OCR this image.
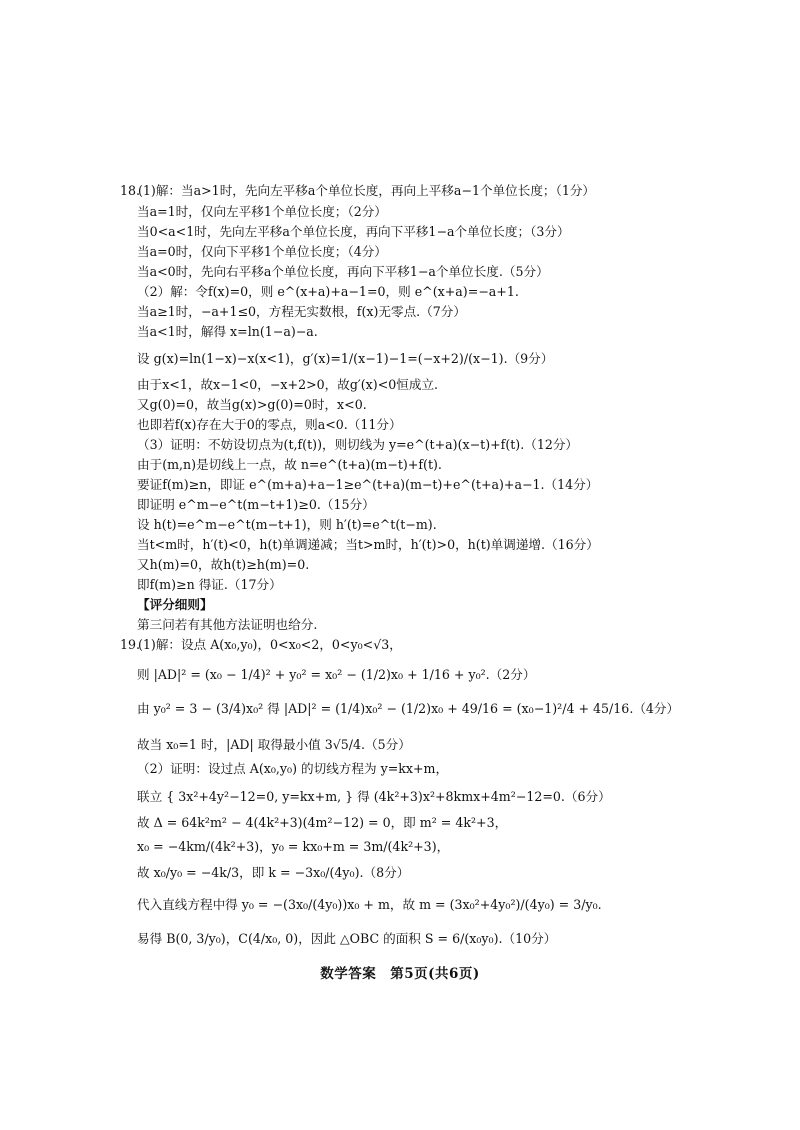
18.
(1)解：当a>1时，先向左平移a个单位长度，再向上平移a−1个单位长度；（1分）
当a=1时，仅向左平移1个单位长度；（2分）
当0<a<1时，先向左平移a个单位长度，再向下平移1−a个单位长度；（3分）
当a=0时，仅向下平移1个单位长度；（4分）
当a<0时，先向右平移a个单位长度，再向下平移1−a个单位长度.（5分）
（2）解：令f(x)=0，则 e^(x+a)+a−1=0，则 e^(x+a)=−a+1.
当a≥1时，−a+1≤0，方程无实数根，f(x)无零点.（7分）
当a<1时，解得 x=ln(1−a)−a.
设 g(x)=ln(1−x)−x(x<1)，g′(x)=1/(x−1)−1=(−x+2)/(x−1).（9分）
由于x<1，故x−1<0，−x+2>0，故g′(x)<0恒成立.
又g(0)=0，故当g(x)>g(0)=0时，x<0.
也即若f(x)存在大于0的零点，则a<0.（11分）
（3）证明：不妨设切点为(t,f(t))，则切线为 y=e^(t+a)(x−t)+f(t).（12分）
由于(m,n)是切线上一点，故 n=e^(t+a)(m−t)+f(t).
要证f(m)≥n，即证 e^(m+a)+a−1≥e^(t+a)(m−t)+e^(t+a)+a−1.（14分）
即证明 e^m−e^t(m−t+1)≥0.（15分）
设 h(t)=e^m−e^t(m−t+1)，则 h′(t)=e^t(t−m).
当t<m时，h′(t)<0，h(t)单调递减；当t>m时，h′(t)>0，h(t)单调递增.（16分）
又h(m)=0，故h(t)≥h(m)=0.
即f(m)≥n 得证.（17分）
【评分细则】
第三问若有其他方法证明也给分.
19.
(1)解：设点 A(x₀,y₀)，0<x₀<2，0<y₀<√3，
则 |AD|² = (x₀ − 1/4)² + y₀² = x₀² − (1/2)x₀ + 1/16 + y₀².（2分）
由 y₀² = 3 − (3/4)x₀² 得 |AD|² = (1/4)x₀² − (1/2)x₀ + 49/16 = (x₀−1)²/4 + 45/16.（4分）
故当 x₀=1 时，|AD| 取得最小值 3√5/4.（5分）
（2）证明：设过点 A(x₀,y₀) 的切线方程为 y=kx+m，
联立 { 3x²+4y²−12=0, y=kx+m, } 得 (4k²+3)x²+8kmx+4m²−12=0.（6分）
故 Δ = 64k²m² − 4(4k²+3)(4m²−12) = 0，即 m² = 4k²+3，
x₀ = −4km/(4k²+3)，y₀ = kx₀+m = 3m/(4k²+3)，
故 x₀/y₀ = −4k/3，即 k = −3x₀/(4y₀).（8分）
代入直线方程中得 y₀ = −(3x₀/(4y₀))x₀ + m，故 m = (3x₀²+4y₀²)/(4y₀) = 3/y₀.
易得 B(0, 3/y₀)，C(4/x₀, 0)，因此 △OBC 的面积 S = 6/(x₀y₀).（10分）
数学答案　第5页(共6页)
